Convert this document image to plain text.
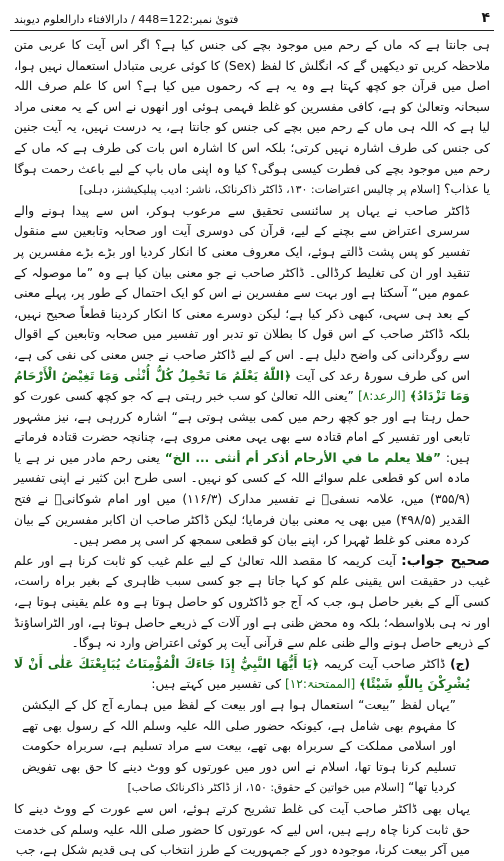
۴
فتویٰ نمبر:122=448 / دارالافتاء دارالعلوم دیوبند

ہی جانتا ہے کہ ماں کے رحم میں موجود بچے کی جنس کیا ہے؟ اگر اس آیت کا عربی متن ملاحظہ کریں تو دیکھیں گے کہ انگلش کا لفظ (Sex) کا کوئی عربی متبادل استعمال نہیں ہوا، اصل میں قرآن جو کچھ کہتا ہے وہ یہ ہے کہ رحموں میں کیا ہے؟ اس کا علم صرف اللہ سبحانہ وتعالیٰ کو ہے، کافی مفسرین کو غلط فہمی ہوئی اور انھوں نے اس کے یہ معنی مراد لیا ہے کہ اللہ ہی ماں کے رحم میں بچے کی جنس کو جانتا ہے، یہ درست نہیں، یہ آیت جنین کی جنس کی طرف اشارہ نہیں کرتی؛ بلکہ اس کا اشارہ اس بات کی طرف ہے کہ ماں کے رحم میں موجود بچے کی فطرت کیسی ہوگی؟ کیا وہ اپنی ماں باپ کے لیے باعث رحمت ہوگا یا عذاب؟ [اسلام پر چالیس اعتراضات: ۱۳۰، ڈاکٹر ذاکرنائک، ناشر: ادیب پبلیکیشنز، دہلی]

ڈاکٹر صاحب نے یہاں پر سائنسی تحقیق سے مرعوب ہوکر، اس سے پیدا ہونے والے سرسری اعتراض سے بچنے کے لیے، قرآن کی دوسری آیت اور صحابہ وتابعین سے منقول تفسیر کو پس پشت ڈالتے ہوئے، ایک معروف معنی کا انکار کردیا اور بڑے بڑے مفسرین پر تنقید اور ان کی تغلیط کرڈالی۔ ڈاکٹر صاحب نے جو معنی بیان کیا ہے وہ ”ما موصولہ کے عموم میں“ آسکتا ہے اور بہت سے مفسرین نے اس کو ایک احتمال کے طور پر، پہلے معنی کے بعد ہی سہی، کبھی ذکر کیا ہے؛ لیکن دوسرے معنی کا انکار کردینا قطعاً صحیح نہیں، بلکہ ڈاکٹر صاحب کے اس قول کا بطلان تو تدبر اور تفسیر میں صحابہ وتابعین کے اقوال سے روگردانی کی واضح دلیل ہے۔ اس کے لیے ڈاکٹر صاحب نے جس معنی کی نفی کی ہے، اس کی طرف سورۂ رعد کی آیت ﴿اللّٰهُ يَعْلَمُ مَا تَحْمِلُ كُلُّ أُنْثٰى وَمَا تَغِيْضُ الْأَرْحَامُ وَمَا تَزْدَادُ﴾ [الرعد:۸] ”یعنی اللہ تعالیٰ کو سب خبر رہتی ہے کہ جو کچھ کسی عورت کو حمل رہتا ہے اور جو کچھ رحم میں کمی بیشی ہوتی ہے“ اشارہ کررہی ہے، نیز مشہور تابعی اور تفسیر کے امام قتادہ سے بھی یہی معنی مروی ہے، چنانچہ حضرت قتادہ فرماتے ہیں: ”فلا يعلم ما في الأرحام أذكر أم أنثى ... الخ“ یعنی رحم مادر میں نر ہے یا مادہ اس کو قطعی علم سوائے اللہ کے کسی کو نہیں۔ اسی طرح ابن کثیر نے اپنی تفسیر (۳۵۵/۹) میں، علامہ نسفیؒ نے تفسیر مدارک (۱۱۶/۳) میں اور امام شوکانیؒ نے فتح القدیر (۴۹۸/۵) میں بھی یہ معنی بیان فرمایا؛ لیکن ڈاکٹر صاحب ان اکابر مفسرین کے بیان کردہ معنی کو غلط ٹھہرا کر، اپنے بیان کو قطعی سمجھ کر اسی پر مصر ہیں۔

صحیح جواب: آیت کریمہ کا مقصد اللہ تعالیٰ کے لیے علم غیب کو ثابت کرنا ہے اور علم غیب در حقیقت اس یقینی علم کو کہا جاتا ہے جو کسی سبب ظاہری کے بغیر براہ راست، کسی آلے کے بغیر حاصل ہو، جب کہ آج جو ڈاکٹروں کو حاصل ہوتا ہے وہ علم یقینی ہوتا ہے، اور نہ ہی بلاواسطہ؛ بلکہ وہ محض ظنی ہے اور آلات کے ذریعے حاصل ہوتا ہے، اور الٹراساؤنڈ کے ذریعے حاصل ہونے والے ظنی علم سے قرآنی آیت پر کوئی اعتراض وارد نہ ہوگا۔

(ج) ڈاکٹر صاحب آیت کریمہ ﴿يَا أَيُّهَا النَّبِيُّ إِذَا جَاءَكَ الْمُؤْمِنَاتُ يُبَايِعْنَكَ عَلٰى أَنْ لَا يُشْرِكْنَ بِاللّٰهِ شَيْئًا﴾ [الممتحنۃ:۱۲] کی تفسیر میں کہتے ہیں:

”یہاں لفظ ”بیعت“ استعمال ہوا ہے اور بیعت کے لفظ میں ہمارے آج کل کے الیکشن کا مفہوم بھی شامل ہے، کیونکہ حضور صلی اللہ علیہ وسلم اللہ کے رسول بھی تھے اور اسلامی مملکت کے سربراہ بھی تھے، بیعت سے مراد تسلیم ہے، سربراہ حکومت تسلیم کرنا ہوتا تھا، اسلام نے اس دور میں عورتوں کو ووٹ دینے کا حق بھی تفویض کردیا تھا“ [اسلام میں خواتین کے حقوق: ۱۵۰، از ڈاکٹر ذاکرنائک صاحب]

یہاں بھی ڈاکٹر صاحب آیت کی غلط تشریح کرتے ہوئے، اس سے عورت کے ووٹ دینے کا حق ثابت کرنا چاہ رہے ہیں، اس لیے کہ عورتوں کا حضور صلی اللہ علیہ وسلم کی خدمت میں آکر بیعت کرنا، موجودہ دور کے جمہوریت کے طرز انتخاب کی ہی قدیم شکل ہے، جب
